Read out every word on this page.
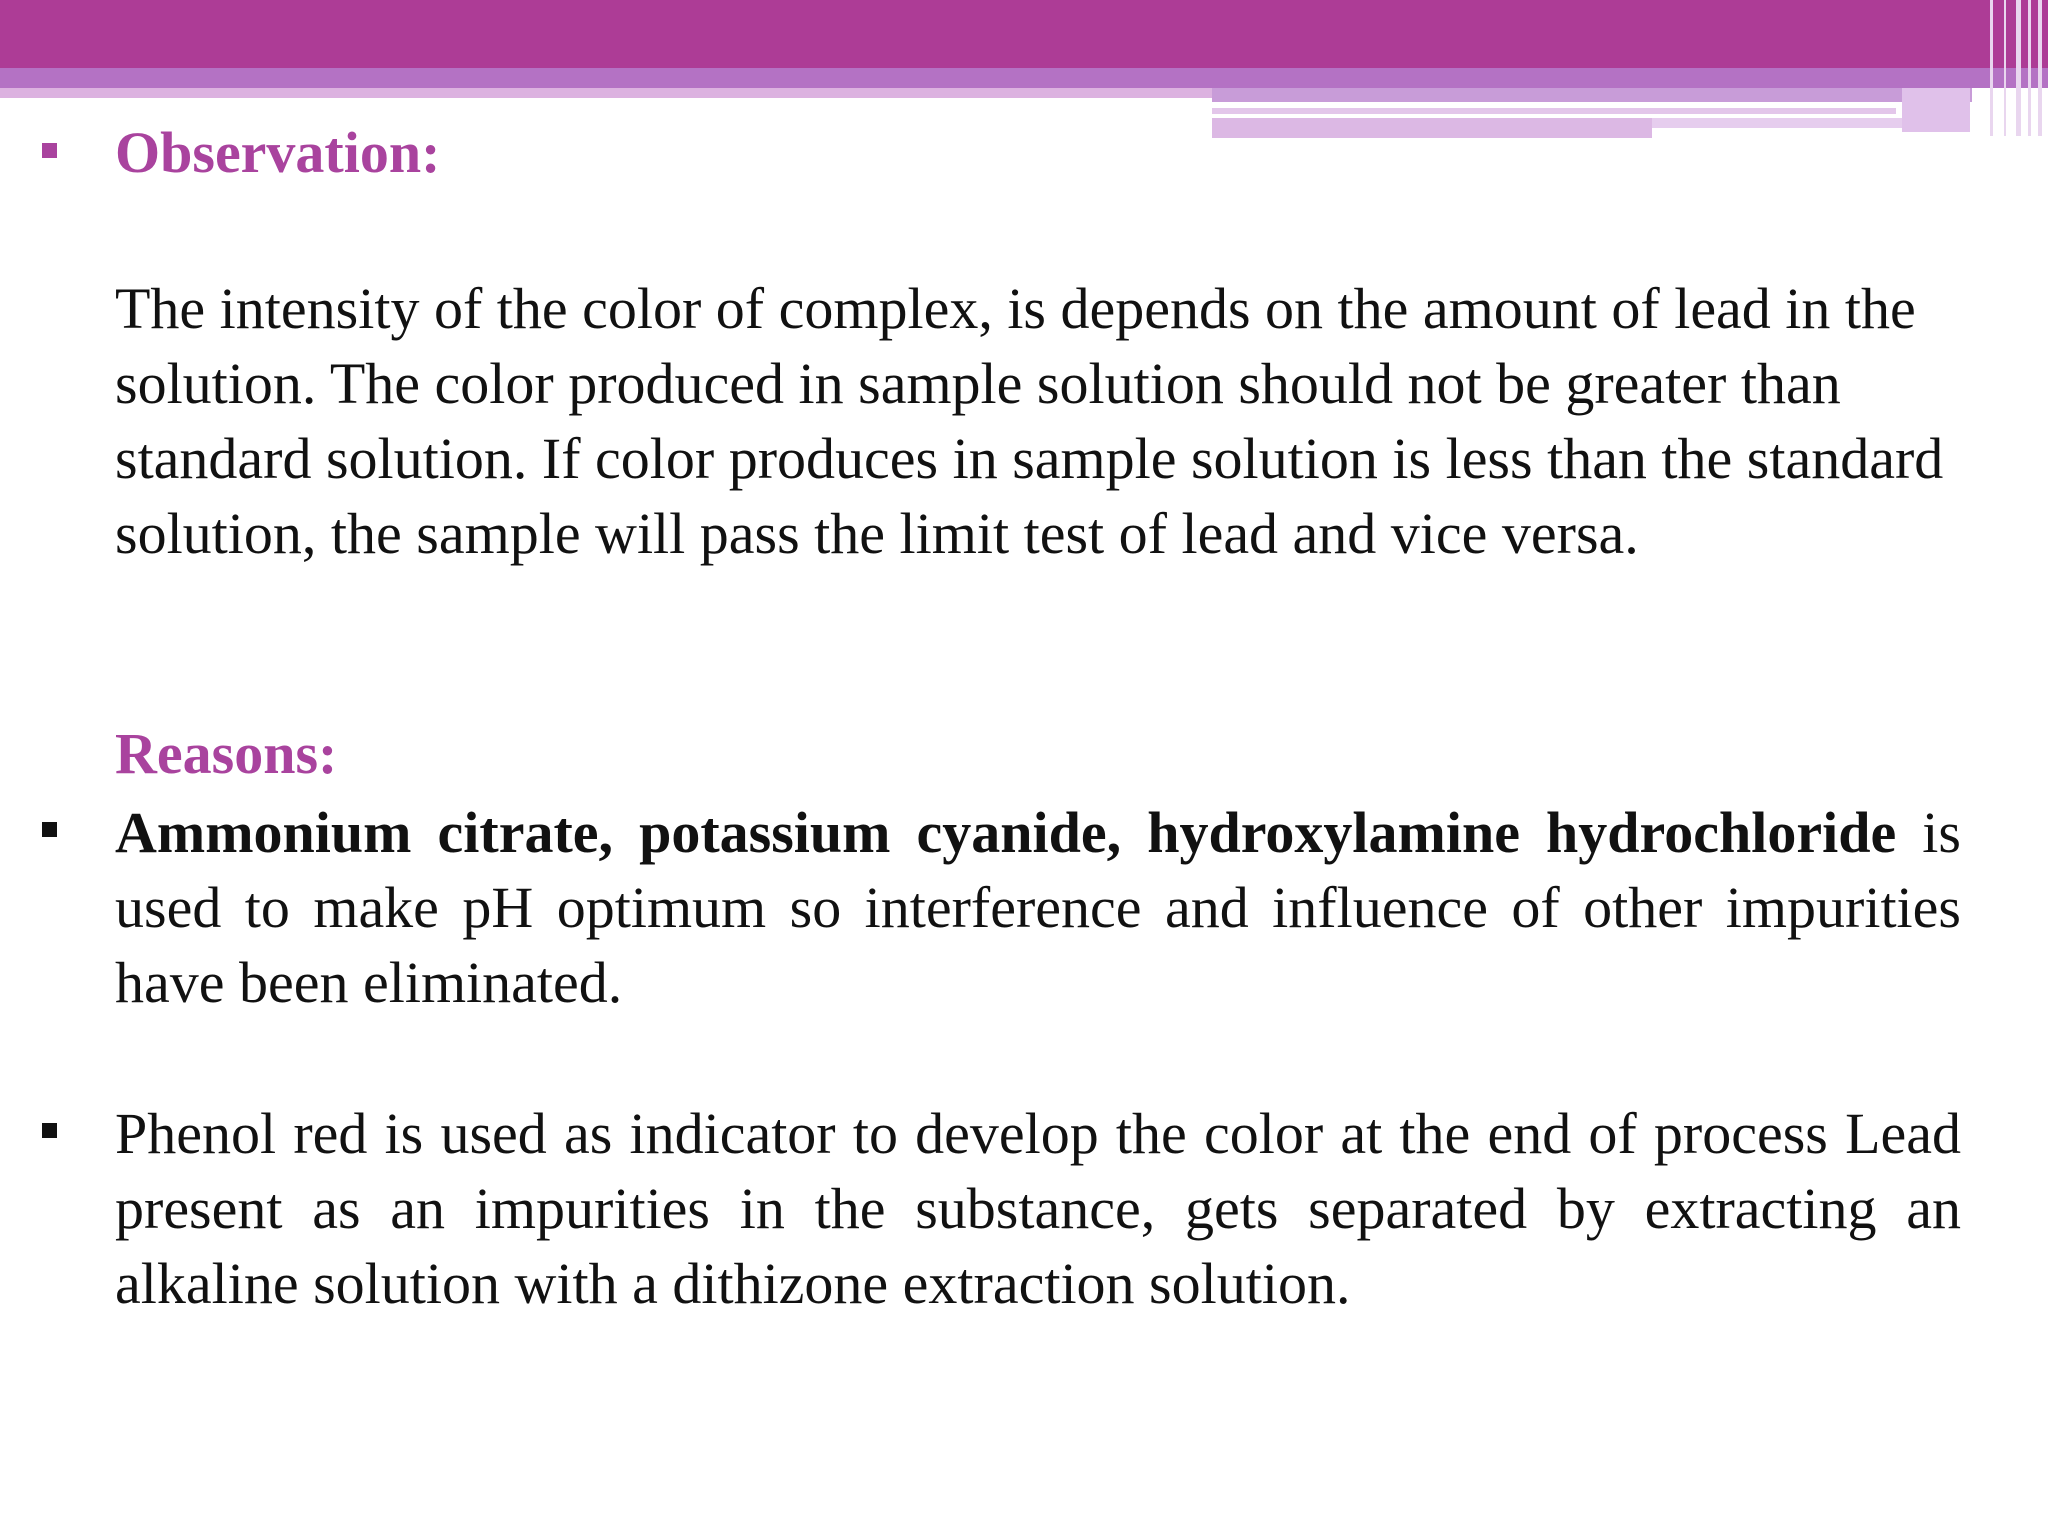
Observation:

The intensity of the color of complex, is depends on the amount of lead in the solution. The color produced in sample solution should not be greater than standard solution. If color produces in sample solution is less than the standard solution, the sample will pass the limit test of lead and vice versa.

Reasons:

Ammonium citrate, potassium cyanide, hydroxylamine hydrochloride is used to make pH optimum so interference and influence of other impurities have been eliminated.

Phenol red is used as indicator to develop the color at the end of process Lead present as an impurities in the substance, gets separated by extracting an alkaline solution with a dithizone extraction solution.
